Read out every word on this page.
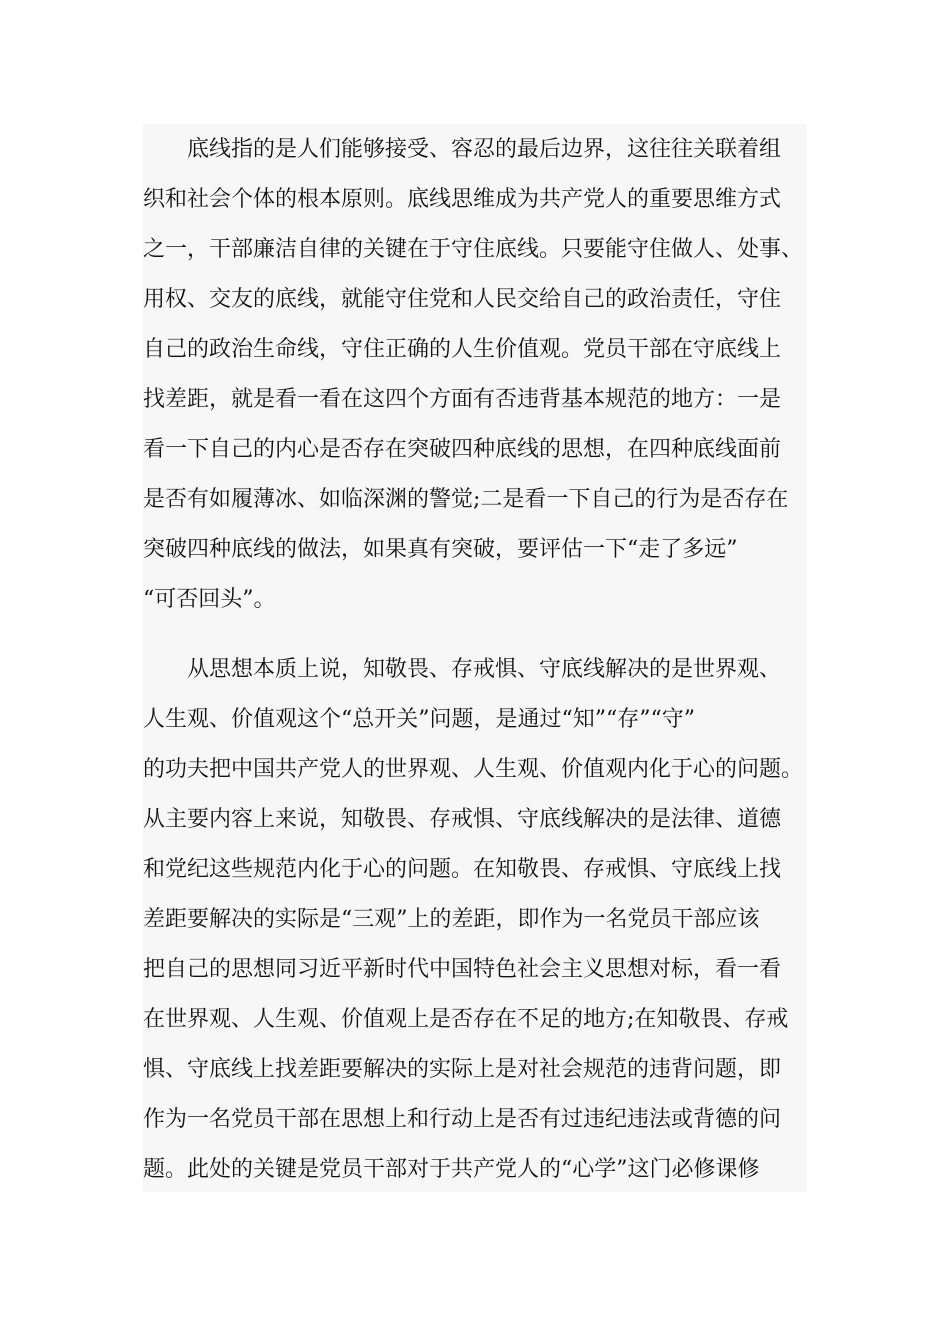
　　底线指的是人们能够接受、容忍的最后边界，这往往关联着组
织和社会个体的根本原则。底线思维成为共产党人的重要思维方式
之一，干部廉洁自律的关键在于守住底线。只要能守住做人、处事、
用权、交友的底线，就能守住党和人民交给自己的政治责任，守住
自己的政治生命线，守住正确的人生价值观。党员干部在守底线上
找差距，就是看一看在这四个方面有否违背基本规范的地方：一是
看一下自己的内心是否存在突破四种底线的思想，在四种底线面前
是否有如履薄冰、如临深渊的警觉;二是看一下自己的行为是否存在
突破四种底线的做法，如果真有突破，要评估一下“走了多远”
“可否回头”。
　　从思想本质上说，知敬畏、存戒惧、守底线解决的是世界观、
人生观、价值观这个“总开关”问题，是通过“知”“存”“守”
的功夫把中国共产党人的世界观、人生观、价值观内化于心的问题。
从主要内容上来说，知敬畏、存戒惧、守底线解决的是法律、道德
和党纪这些规范内化于心的问题。在知敬畏、存戒惧、守底线上找
差距要解决的实际是“三观”上的差距，即作为一名党员干部应该
把自己的思想同习近平新时代中国特色社会主义思想对标，看一看
在世界观、人生观、价值观上是否存在不足的地方;在知敬畏、存戒
惧、守底线上找差距要解决的实际上是对社会规范的违背问题，即
作为一名党员干部在思想上和行动上是否有过违纪违法或背德的问
题。此处的关键是党员干部对于共产党人的“心学”这门必修课修
